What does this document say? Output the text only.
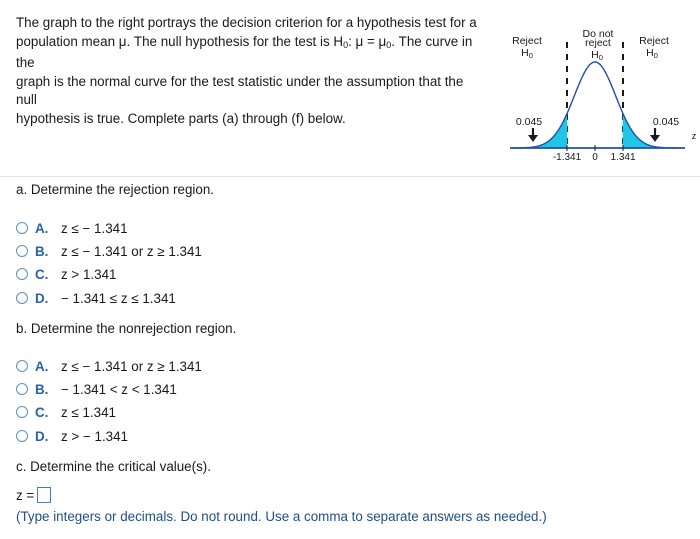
The graph to the right portrays the decision criterion for a hypothesis test for a

population mean μ. The null hypothesis for the test is $H_0$: $\mu = \mu_0$. The curve in the

graph is the normal curve for the test statistic under the assumption that the null

hypothesis is true. Complete parts (a) through (f) below.

Reject
H0
Do not
reject
H0
Reject
H0
-1.341 0 1.341
z
0.045	0.045
a. Determine the rejection region.
A. z ≤ − 1.341
B. z ≤ − 1.341 or z ≥ 1.341
C. z > 1.341
D. − 1.341 ≤ z ≤ 1.341
b. Determine the nonrejection region.
A. z ≤ − 1.341 or z ≥ 1.341
B. − 1.341 < z < 1.341
C. z ≤ 1.341
D. z > − 1.341
c. Determine the critical value(s).
z =
(Type integers or decimals. Do not round. Use a comma to separate answers as needed.)
